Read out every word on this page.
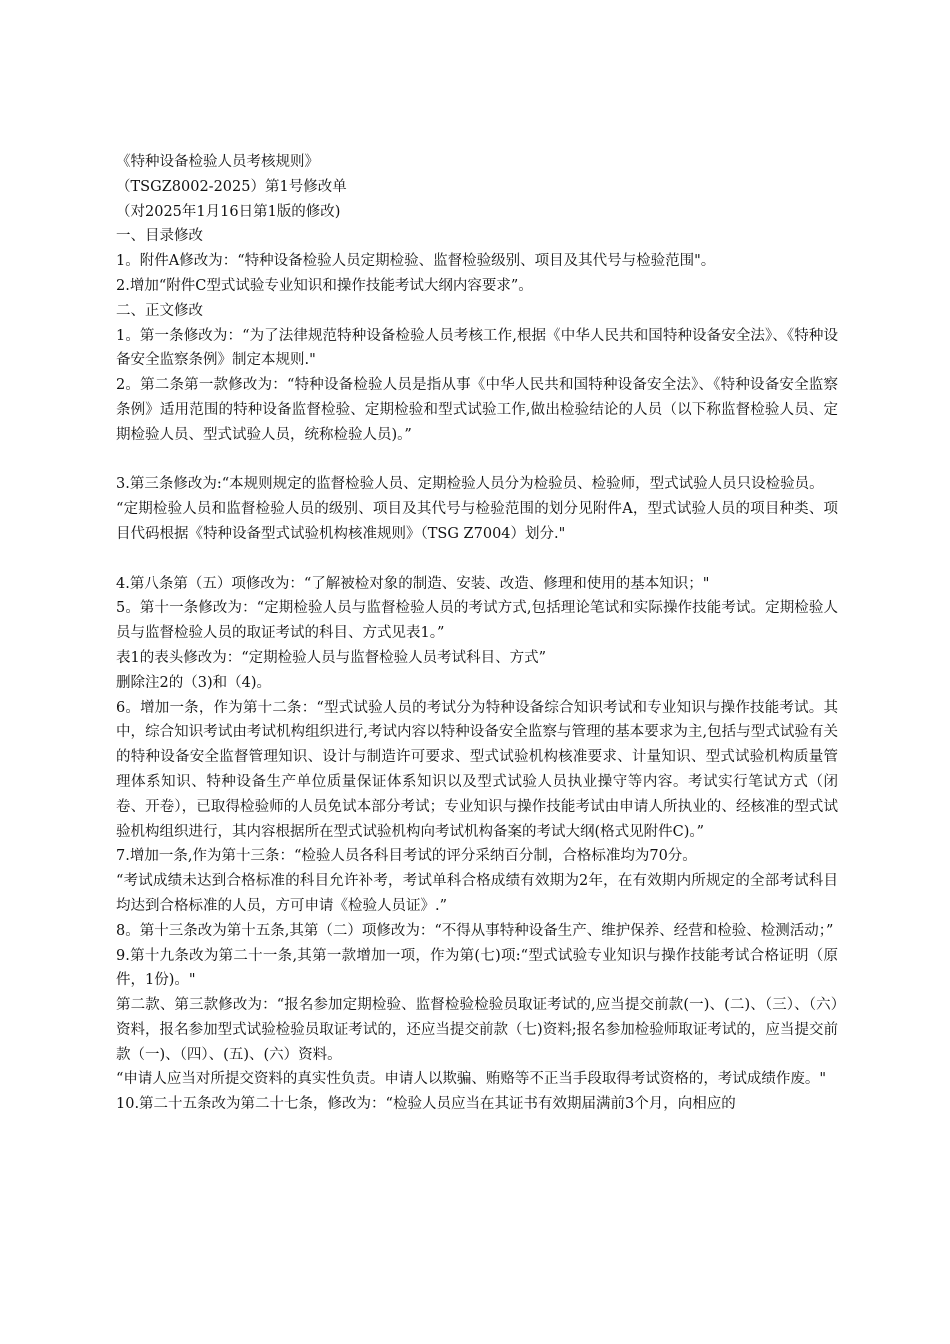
《特种设备检验人员考核规则》

（TSGZ8002-2025）第1号修改单

（对2025年1月16日第1版的修改)

一、目录修改

1。附件A修改为：“特种设备检验人员定期检验、监督检验级别、项目及其代号与检验范围"。

2.增加“附件C型式试验专业知识和操作技能考试大纲内容要求”。

二、正文修改

1。第一条修改为：“为了法律规范特种设备检验人员考核工作,根据《中华人民共和国特种设备安全法》、《特种设备安全监察条例》制定本规则."

2。第二条第一款修改为：“特种设备检验人员是指从事《中华人民共和国特种设备安全法》、《特种设备安全监察条例》适用范围的特种设备监督检验、定期检验和型式试验工作,做出检验结论的人员（以下称监督检验人员、定期检验人员、型式试验人员，统称检验人员)。”

3.第三条修改为:“本规则规定的监督检验人员、定期检验人员分为检验员、检验师，型式试验人员只设检验员。

“定期检验人员和监督检验人员的级别、项目及其代号与检验范围的划分见附件A，型式试验人员的项目种类、项目代码根据《特种设备型式试验机构核准规则》（TSG Z7004）划分."

4.第八条第（五）项修改为：“了解被检对象的制造、安装、改造、修理和使用的基本知识；"

5。第十一条修改为：“定期检验人员与监督检验人员的考试方式,包括理论笔试和实际操作技能考试。定期检验人员与监督检验人员的取证考试的科目、方式见表1。”

表1的表头修改为：“定期检验人员与监督检验人员考试科目、方式”

删除注2的（3)和（4)。

6。增加一条，作为第十二条：“型式试验人员的考试分为特种设备综合知识考试和专业知识与操作技能考试。其中，综合知识考试由考试机构组织进行,考试内容以特种设备安全监察与管理的基本要求为主,包括与型式试验有关的特种设备安全监督管理知识、设计与制造许可要求、型式试验机构核准要求、计量知识、型式试验机构质量管理体系知识、特种设备生产单位质量保证体系知识以及型式试验人员执业操守等内容。考试实行笔试方式（闭卷、开卷），已取得检验师的人员免试本部分考试；专业知识与操作技能考试由申请人所执业的、经核准的型式试验机构组织进行，其内容根据所在型式试验机构向考试机构备案的考试大纲(格式见附件C)。”

7.增加一条,作为第十三条：“检验人员各科目考试的评分采纳百分制，合格标准均为70分。

“考试成绩未达到合格标准的科目允许补考，考试单科合格成绩有效期为2年，在有效期内所规定的全部考试科目均达到合格标准的人员，方可申请《检验人员证》.”

8。第十三条改为第十五条,其第（二）项修改为：“不得从事特种设备生产、维护保养、经营和检验、检测活动；”

9.第十九条改为第二十一条,其第一款增加一项，作为第(七)项:“型式试验专业知识与操作技能考试合格证明（原件，1份)。"

第二款、第三款修改为：“报名参加定期检验、监督检验检验员取证考试的,应当提交前款(一)、(二)、（三）、（六）资料，报名参加型式试验检验员取证考试的，还应当提交前款（七)资料;报名参加检验师取证考试的，应当提交前款（一)、（四）、(五)、(六）资料。

“申请人应当对所提交资料的真实性负责。申请人以欺骗、贿赂等不正当手段取得考试资格的，考试成绩作废。"

10.第二十五条改为第二十七条，修改为：“检验人员应当在其证书有效期届满前3个月，向相应的
